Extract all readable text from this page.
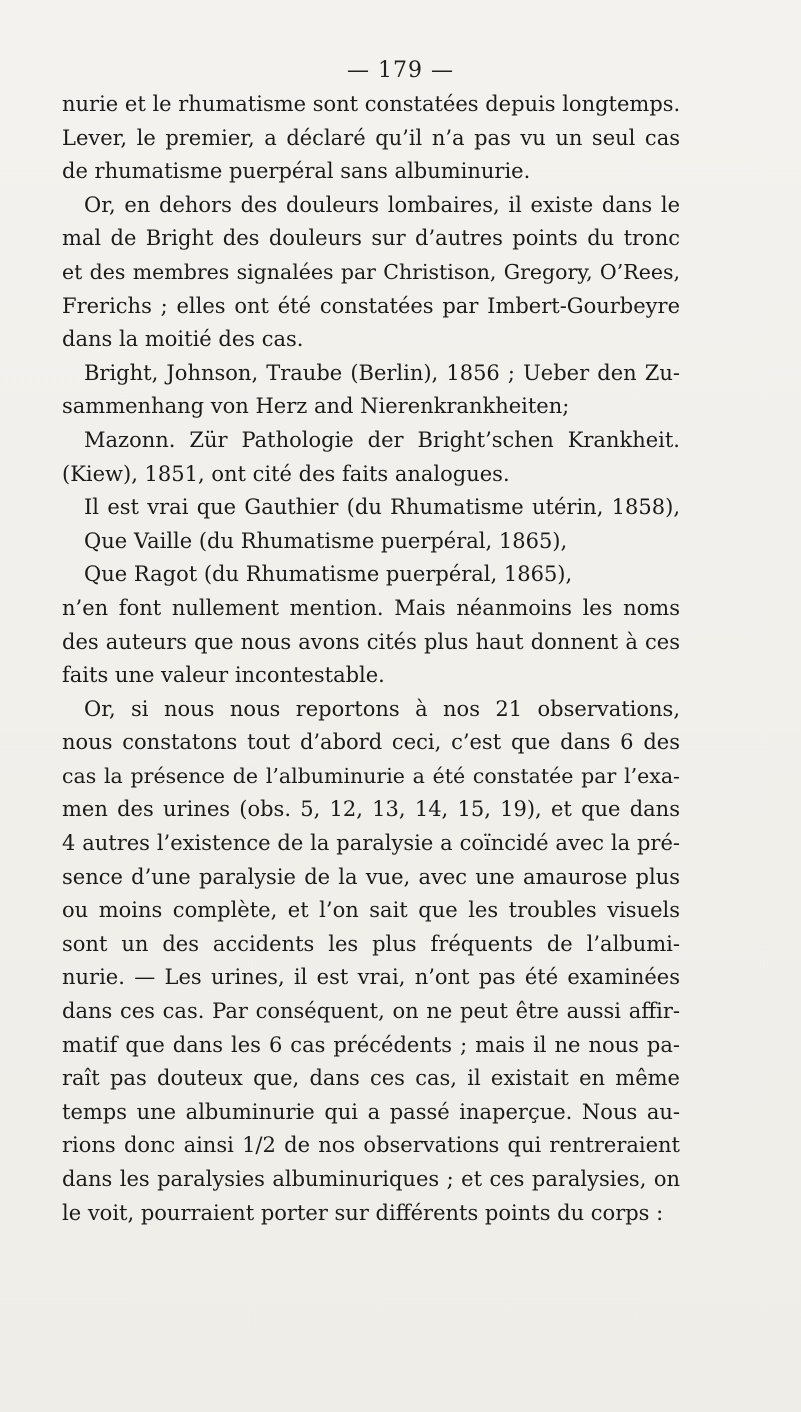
— 179 —
nurie et le rhumatisme sont constatées depuis longtemps.
Lever, le premier, a déclaré qu’il n’a pas vu un seul cas
de rhumatisme puerpéral sans albuminurie.
Or, en dehors des douleurs lombaires, il existe dans le
mal de Bright des douleurs sur d’autres points du tronc
et des membres signalées par Christison, Gregory, O’Rees,
Frerichs ; elles ont été constatées par Imbert-Gourbeyre
dans la moitié des cas.
Bright, Johnson, Traube (Berlin), 1856 ; Ueber den Zu-
sammenhang von Herz and Nierenkrankheiten;
Mazonn. Zür Pathologie der Bright’schen Krankheit.
(Kiew), 1851, ont cité des faits analogues.
Il est vrai que Gauthier (du Rhumatisme utérin, 1858),
Que Vaille (du Rhumatisme puerpéral, 1865),
Que Ragot (du Rhumatisme puerpéral, 1865),
n’en font nullement mention. Mais néanmoins les noms
des auteurs que nous avons cités plus haut donnent à ces
faits une valeur incontestable.
Or, si nous nous reportons à nos 21 observations,
nous constatons tout d’abord ceci, c’est que dans 6 des
cas la présence de l’albuminurie a été constatée par l’exa-
men des urines (obs. 5, 12, 13, 14, 15, 19), et que dans
4 autres l’existence de la paralysie a coïncidé avec la pré-
sence d’une paralysie de la vue, avec une amaurose plus
ou moins complète, et l’on sait que les troubles visuels
sont un des accidents les plus fréquents de l’albumi-
nurie. — Les urines, il est vrai, n’ont pas été examinées
dans ces cas. Par conséquent, on ne peut être aussi affir-
matif que dans les 6 cas précédents ; mais il ne nous pa-
raît pas douteux que, dans ces cas, il existait en même
temps une albuminurie qui a passé inaperçue. Nous au-
rions donc ainsi 1/2 de nos observations qui rentreraient
dans les paralysies albuminuriques ; et ces paralysies, on
le voit, pourraient porter sur différents points du corps :
